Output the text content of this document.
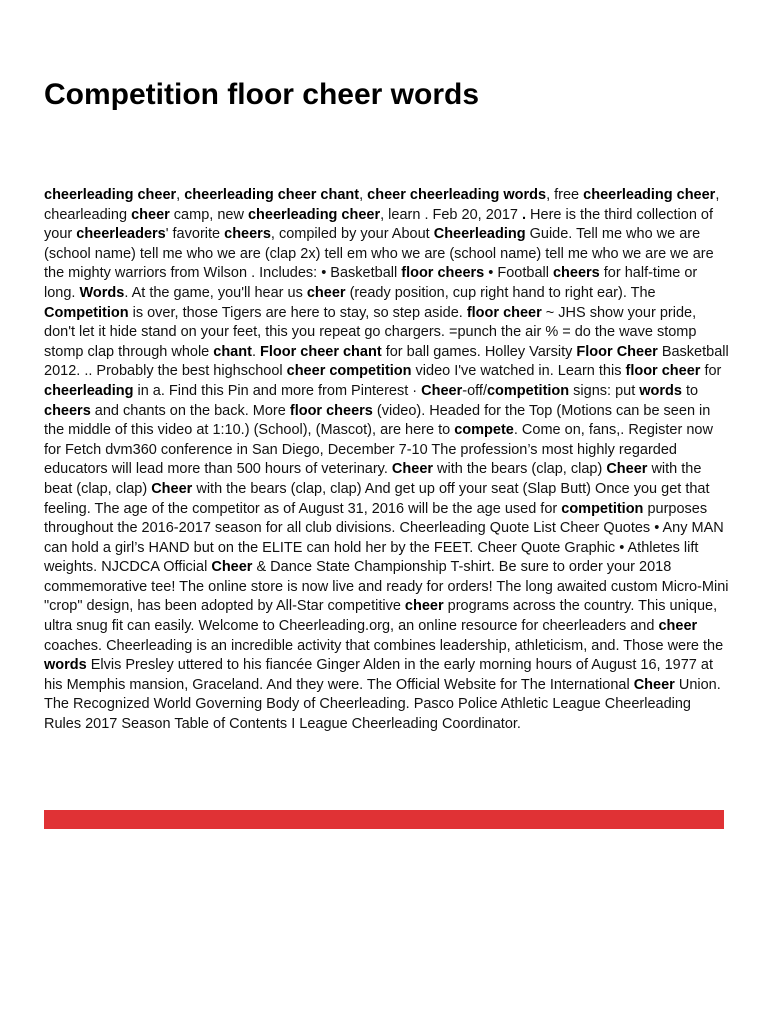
Competition floor cheer words

cheerleading cheer, cheerleading cheer chant, cheer cheerleading words, free cheerleading cheer, chearleading cheer camp, new cheerleading cheer, learn . Feb 20, 2017 . Here is the third collection of your cheerleaders' favorite cheers, compiled by your About Cheerleading Guide. Tell me who we are (school name) tell me who we are (clap 2x) tell em who we are (school name) tell me who we are we are the mighty warriors from Wilson . Includes: • Basketball floor cheers • Football cheers for half-time or long. Words. At the game, you'll hear us cheer (ready position, cup right hand to right ear). The Competition is over, those Tigers are here to stay, so step aside. floor cheer ~ JHS show your pride, don't let it hide stand on your feet, this you repeat go chargers. =punch the air % = do the wave stomp stomp clap through whole chant. Floor cheer chant for ball games. Holley Varsity Floor Cheer Basketball 2012. .. Probably the best highschool cheer competition video I've watched in. Learn this floor cheer for cheerleading in a. Find this Pin and more from Pinterest · Cheer-off/competition signs: put words to cheers and chants on the back. More floor cheers (video). Headed for the Top (Motions can be seen in the middle of this video at 1:10.) (School), (Mascot), are here to compete. Come on, fans,. Register now for Fetch dvm360 conference in San Diego, December 7-10 The profession’s most highly regarded educators will lead more than 500 hours of veterinary. Cheer with the bears (clap, clap) Cheer with the beat (clap, clap) Cheer with the bears (clap, clap) And get up off your seat (Slap Butt) Once you get that feeling. The age of the competitor as of August 31, 2016 will be the age used for competition purposes throughout the 2016-2017 season for all club divisions. Cheerleading Quote List Cheer Quotes • Any MAN can hold a girl’s HAND but on the ELITE can hold her by the FEET. Cheer Quote Graphic • Athletes lift weights. NJCDCA Official Cheer & Dance State Championship T-shirt. Be sure to order your 2018 commemorative tee! The online store is now live and ready for orders! The long awaited custom Micro-Mini "crop" design, has been adopted by All-Star competitive cheer programs across the country. This unique, ultra snug fit can easily. Welcome to Cheerleading.org, an online resource for cheerleaders and cheer coaches. Cheerleading is an incredible activity that combines leadership, athleticism, and. Those were the words Elvis Presley uttered to his fiancée Ginger Alden in the early morning hours of August 16, 1977 at his Memphis mansion, Graceland. And they were. The Official Website for The International Cheer Union. The Recognized World Governing Body of Cheerleading. Pasco Police Athletic League Cheerleading Rules 2017 Season Table of Contents I League Cheerleading Coordinator.
